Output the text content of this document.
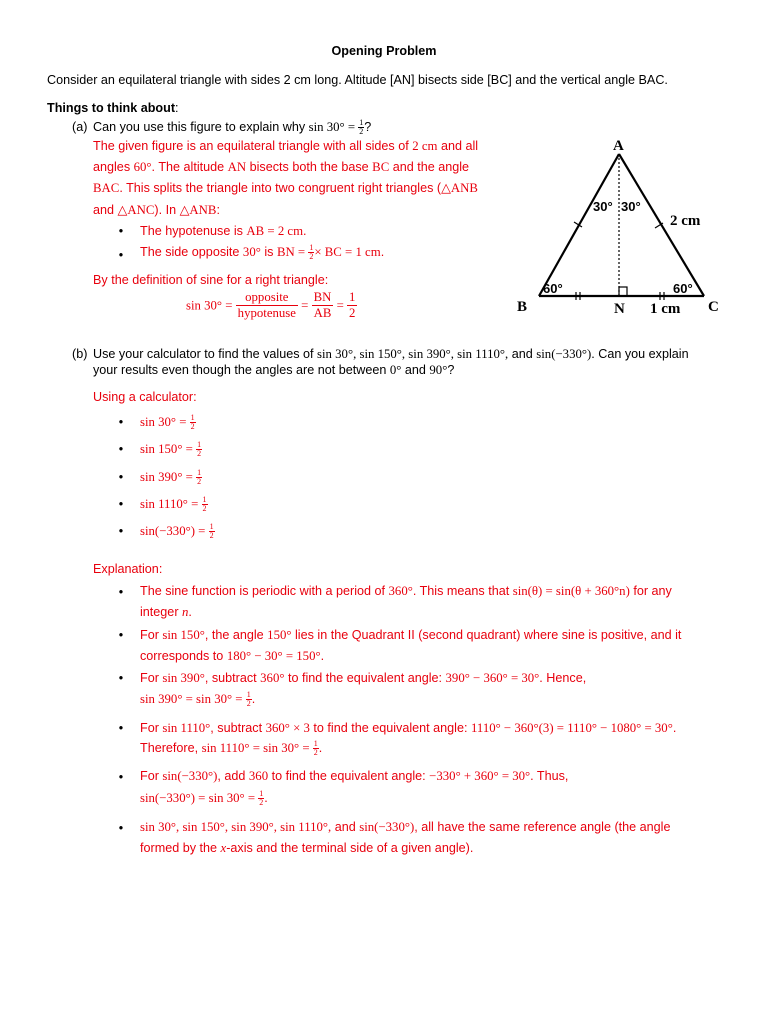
Opening Problem
Consider an equilateral triangle with sides 2 cm long. Altitude [AN] bisects side [BC] and the vertical angle BAC.
Things to think about:
(a) Can you use this figure to explain why $\sin 30^\circ = \frac{1}{2}$ ?
The given figure is an equilateral triangle with all sides of 2 cm and all
angles 60°. The altitude AN bisects both the base BC and the angle
BAC. This splits the triangle into two congruent right triangles (△ANB
and △ANC). In △ANB:
• The hypotenuse is AB = 2 cm.
• The side opposite 30° is BN = $\frac{1}{2}$ × BC = 1 cm.
By the definition of sine for a right triangle:
sin 30° =
opposite
hypotenuse
= $\frac{BN}{AB} = \frac{1}{2}$
A
B	C
N
30° 30°
60°	60°
2 cm
1 cm
(b) Use your calculator to find the values of sin 30°, sin 150°, sin 390°, sin 1110°, and sin(−330°). Can you explain
your results even though the angles are not between 0° and 90°?
Using a calculator:
• $\sin 30^\circ = \frac{1}{2}$
• $\sin 150^\circ = \frac{1}{2}$
• $\sin 390^\circ = \frac{1}{2}$
• $\sin 1110^\circ = \frac{1}{2}$
• $\sin(-330^\circ) = \frac{1}{2}$
Explanation:
• The sine function is periodic with a period of 360°. This means that sin(θ) = sin(θ + 360°n) for any
integer n.
• For sin 150°, the angle 150° lies in the Quadrant II (second quadrant) where sine is positive, and it
corresponds to 180° − 30° = 150°.
• For sin 390°, subtract 360° to find the equivalent angle: 390° − 360° = 30°. Hence,
$\sin 390^\circ = \sin 30^\circ = \frac{1}{2}$ .
• For sin 1110°, subtract 360° × 3 to find the equivalent angle: 1110° − 360°(3) = 1110° − 1080° = 30°.
Therefore, $\sin 1110^\circ = \sin 30^\circ = \frac{1}{2}$ .
• For sin(−330°), add 360 to find the equivalent angle: −330° + 360° = 30°. Thus,
$\sin(-330^\circ) = \sin 30^\circ = \frac{1}{2}$ .
• sin 30°, sin 150°, sin 390°, sin 1110°, and sin(−330°), all have the same reference angle (the angle
formed by the x-axis and the terminal side of a given angle).
